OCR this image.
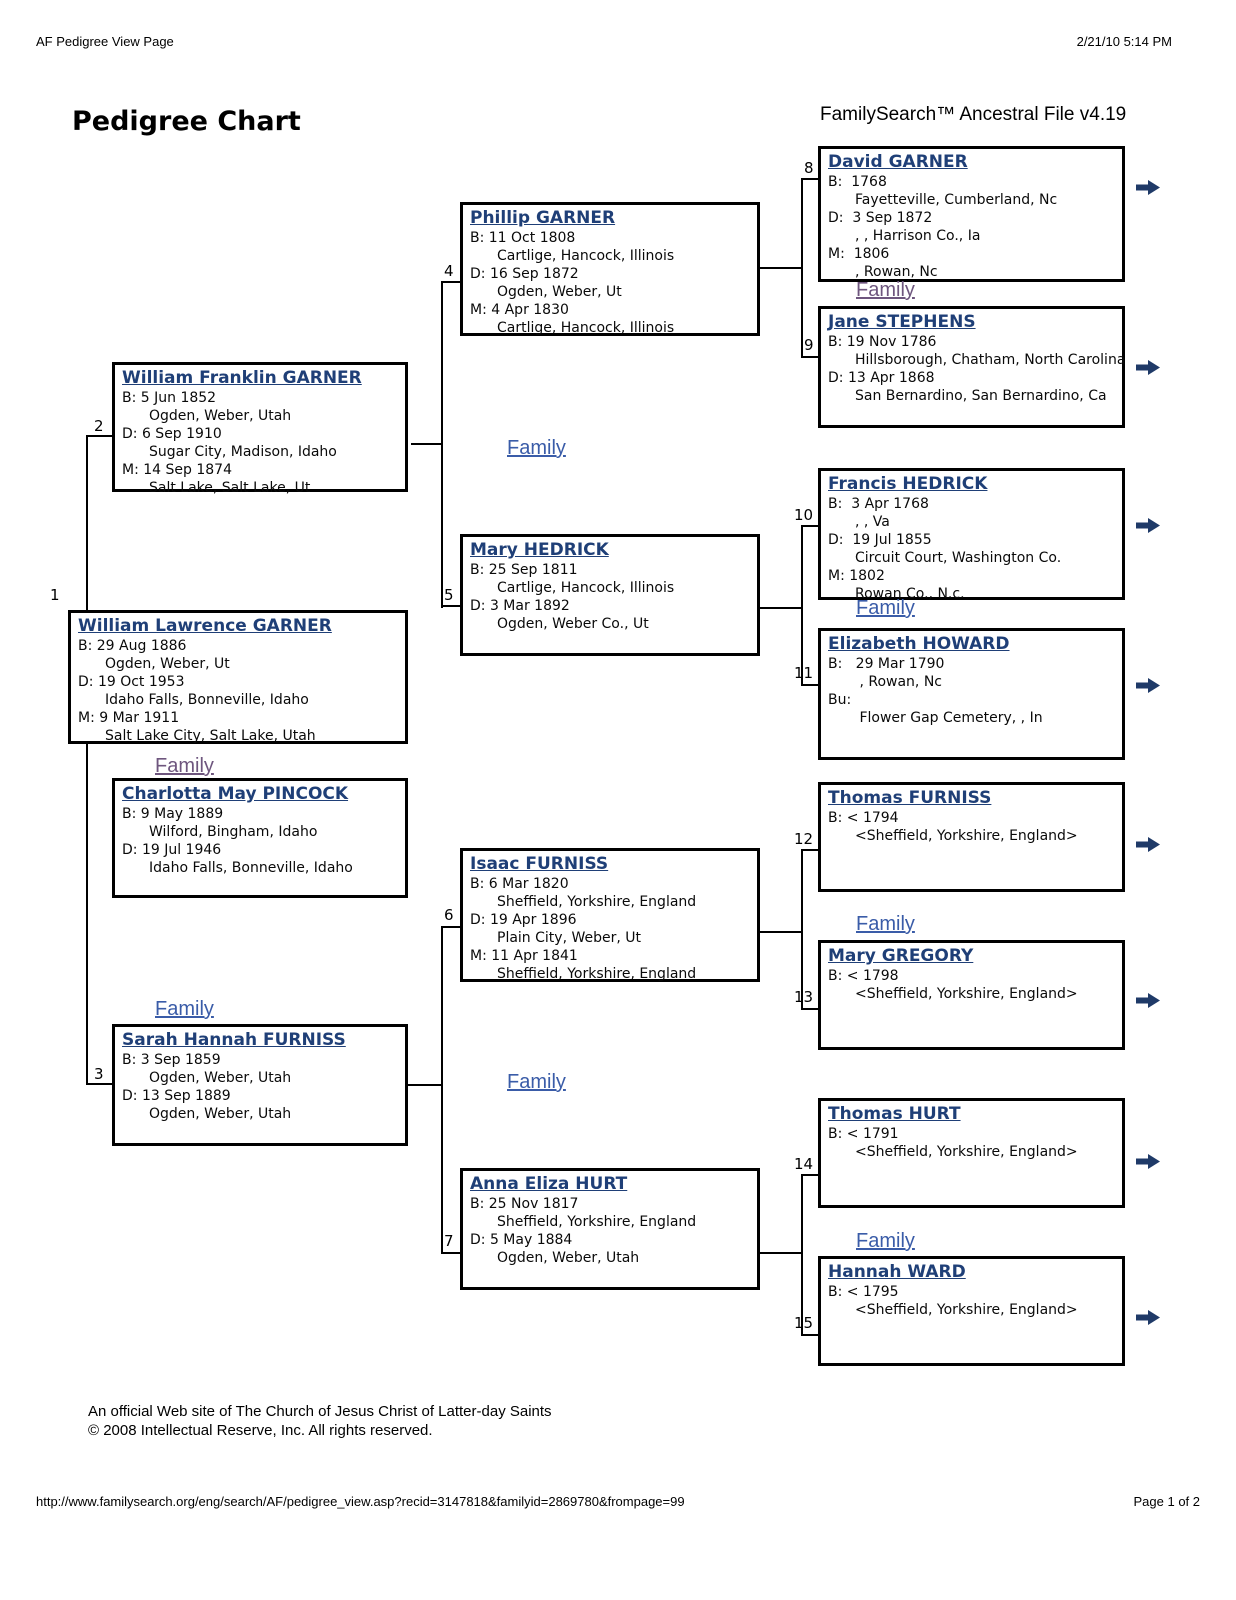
AF Pedigree View Page	2/21/10 5:14 PM
Pedigree Chart	FamilySearch™ Ancestral File v4.19
William Lawrence GARNER
B: 29 Aug 1886
Ogden, Weber, Ut
D: 19 Oct 1953
Idaho Falls, Bonneville, Idaho
M: 9 Mar 1911
Salt Lake City, Salt Lake, Utah
William Franklin GARNER
B: 5 Jun 1852
Ogden, Weber, Utah
D: 6 Sep 1910
Sugar City, Madison, Idaho
M: 14 Sep 1874
Salt Lake, Salt Lake, Ut
Charlotta May PINCOCK
B: 9 May 1889
Wilford, Bingham, Idaho
D: 19 Jul 1946
Idaho Falls, Bonneville, Idaho
Sarah Hannah FURNISS
B: 3 Sep 1859
Ogden, Weber, Utah
D: 13 Sep 1889
Ogden, Weber, Utah
Phillip GARNER
B: 11 Oct 1808
Cartlige, Hancock, Illinois
D: 16 Sep 1872
Ogden, Weber, Ut
M: 4 Apr 1830
Cartlige, Hancock, Illinois
Mary HEDRICK
B: 25 Sep 1811
Cartlige, Hancock, Illinois
D: 3 Mar 1892
Ogden, Weber Co., Ut
Isaac FURNISS
B: 6 Mar 1820
Sheffield, Yorkshire, England
D: 19 Apr 1896
Plain City, Weber, Ut
M: 11 Apr 1841
Sheffield, Yorkshire, England
Anna Eliza HURT
B: 25 Nov 1817
Sheffield, Yorkshire, England
D: 5 May 1884
Ogden, Weber, Utah
David GARNER
B:  1768
Fayetteville, Cumberland, Nc
D:  3 Sep 1872
, , Harrison Co., Ia
M:  1806
, Rowan, Nc
Jane STEPHENS
B: 19 Nov 1786
Hillsborough, Chatham, North Carolina
D: 13 Apr 1868
San Bernardino, San Bernardino, Ca
Francis HEDRICK
B:  3 Apr 1768
, , Va
D:  19 Jul 1855
Circuit Court, Washington Co.
M: 1802
Rowan Co., N.c.
Elizabeth HOWARD
B:   29 Mar 1790
, Rowan, Nc
Bu:
Flower Gap Cemetery, , In
Thomas FURNISS
B: < 1794
<Sheffield, Yorkshire, England>
Mary GREGORY
B: < 1798
<Sheffield, Yorkshire, England>
Thomas HURT
B: < 1791
<Sheffield, Yorkshire, England>
Hannah WARD
B: < 1795
<Sheffield, Yorkshire, England>
1
2
3
4
5
6
7
8
9
10
11
12
13
14
15
Family
Family
Family
Family
Family
Family
Family
Family
An official Web site of The Church of Jesus Christ of Latter-day Saints
© 2008 Intellectual Reserve, Inc. All rights reserved.
http://www.familysearch.org/eng/search/AF/pedigree_view.asp?recid=3147818&familyid=2869780&frompage=99	Page 1 of 2
